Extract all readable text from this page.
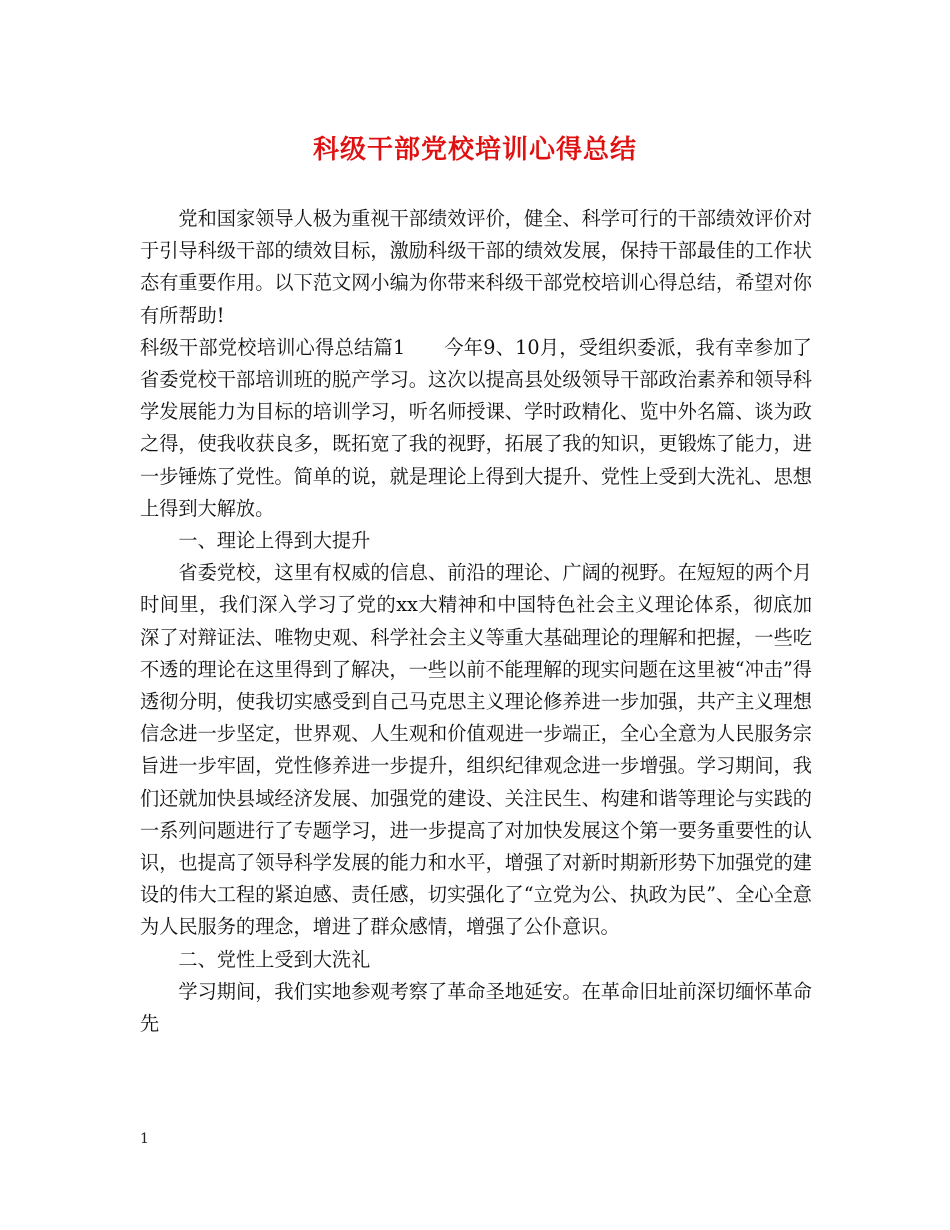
科级干部党校培训心得总结

党和国家领导人极为重视干部绩效评价，健全、科学可行的干部绩效评价对于引导科级干部的绩效目标，激励科级干部的绩效发展，保持干部最佳的工作状态有重要作用。以下范文网小编为你带来科级干部党校培训心得总结，希望对你有所帮助!

科级干部党校培训心得总结篇1　　今年9、10月，受组织委派，我有幸参加了省委党校干部培训班的脱产学习。这次以提高县处级领导干部政治素养和领导科学发展能力为目标的培训学习，听名师授课、学时政精化、览中外名篇、谈为政之得，使我收获良多，既拓宽了我的视野，拓展了我的知识，更锻炼了能力，进一步锤炼了党性。简单的说，就是理论上得到大提升、党性上受到大洗礼、思想上得到大解放。

一、理论上得到大提升

省委党校，这里有权威的信息、前沿的理论、广阔的视野。在短短的两个月时间里，我们深入学习了党的xx大精神和中国特色社会主义理论体系，彻底加深了对辩证法、唯物史观、科学社会主义等重大基础理论的理解和把握，一些吃不透的理论在这里得到了解决，一些以前不能理解的现实问题在这里被“冲击”得透彻分明，使我切实感受到自己马克思主义理论修养进一步加强，共产主义理想信念进一步坚定，世界观、人生观和价值观进一步端正，全心全意为人民服务宗旨进一步牢固，党性修养进一步提升，组织纪律观念进一步增强。学习期间，我们还就加快县域经济发展、加强党的建设、关注民生、构建和谐等理论与实践的一系列问题进行了专题学习，进一步提高了对加快发展这个第一要务重要性的认识，也提高了领导科学发展的能力和水平，增强了对新时期新形势下加强党的建设的伟大工程的紧迫感、责任感，切实强化了“立党为公、执政为民”、全心全意为人民服务的理念，增进了群众感情，增强了公仆意识。

二、党性上受到大洗礼

学习期间，我们实地参观考察了革命圣地延安。在革命旧址前深切缅怀革命先

1
